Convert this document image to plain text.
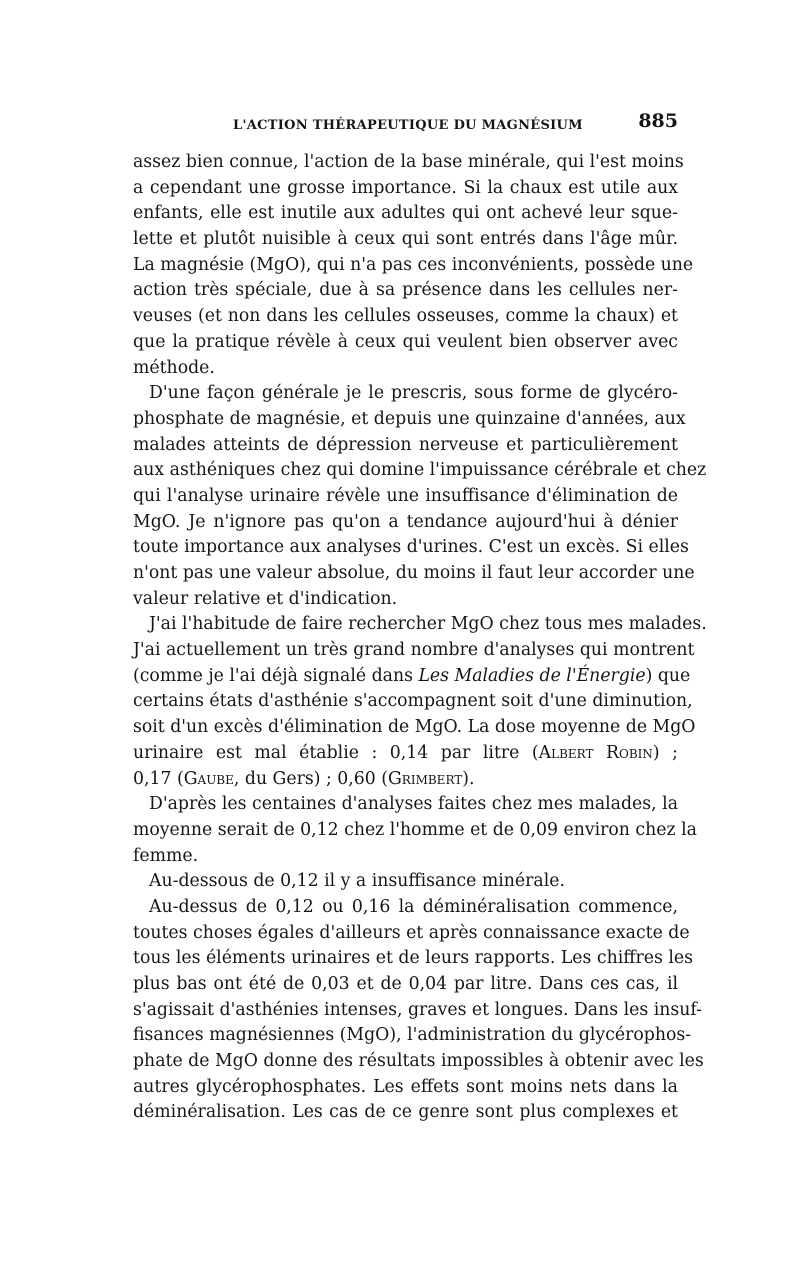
L'ACTION THÉRAPEUTIQUE DU MAGNÉSIUM	885
assez bien connue, l'action de la base minérale, qui l'est moins
a cependant une grosse importance. Si la chaux est utile aux
enfants, elle est inutile aux adultes qui ont achevé leur sque-
lette et plutôt nuisible à ceux qui sont entrés dans l'âge mûr.
La magnésie (MgO), qui n'a pas ces inconvénients, possède une
action très spéciale, due à sa présence dans les cellules ner-
veuses (et non dans les cellules osseuses, comme la chaux) et
que la pratique révèle à ceux qui veulent bien observer avec
méthode.
D'une façon générale je le prescris, sous forme de glycéro-
phosphate de magnésie, et depuis une quinzaine d'années, aux
malades atteints de dépression nerveuse et particulièrement
aux asthéniques chez qui domine l'impuissance cérébrale et chez
qui l'analyse urinaire révèle une insuffisance d'élimination de
MgO. Je n'ignore pas qu'on a tendance aujourd'hui à dénier
toute importance aux analyses d'urines. C'est un excès. Si elles
n'ont pas une valeur absolue, du moins il faut leur accorder une
valeur relative et d'indication.
J'ai l'habitude de faire rechercher MgO chez tous mes malades.
J'ai actuellement un très grand nombre d'analyses qui montrent
(comme je l'ai déjà signalé dans Les Maladies de l'Énergie) que
certains états d'asthénie s'accompagnent soit d'une diminution,
soit d'un excès d'élimination de MgO. La dose moyenne de MgO
urinaire est mal établie : 0,14 par litre (Albert Robin) ;
0,17 (Gaube, du Gers) ; 0,60 (Grimbert).
D'après les centaines d'analyses faites chez mes malades, la
moyenne serait de 0,12 chez l'homme et de 0,09 environ chez la
femme.
Au-dessous de 0,12 il y a insuffisance minérale.
Au-dessus de 0,12 ou 0,16 la déminéralisation commence,
toutes choses égales d'ailleurs et après connaissance exacte de
tous les éléments urinaires et de leurs rapports. Les chiffres les
plus bas ont été de 0,03 et de 0,04 par litre. Dans ces cas, il
s'agissait d'asthénies intenses, graves et longues. Dans les insuf-
fisances magnésiennes (MgO), l'administration du glycérophos-
phate de MgO donne des résultats impossibles à obtenir avec les
autres glycérophosphates. Les effets sont moins nets dans la
déminéralisation. Les cas de ce genre sont plus complexes et
